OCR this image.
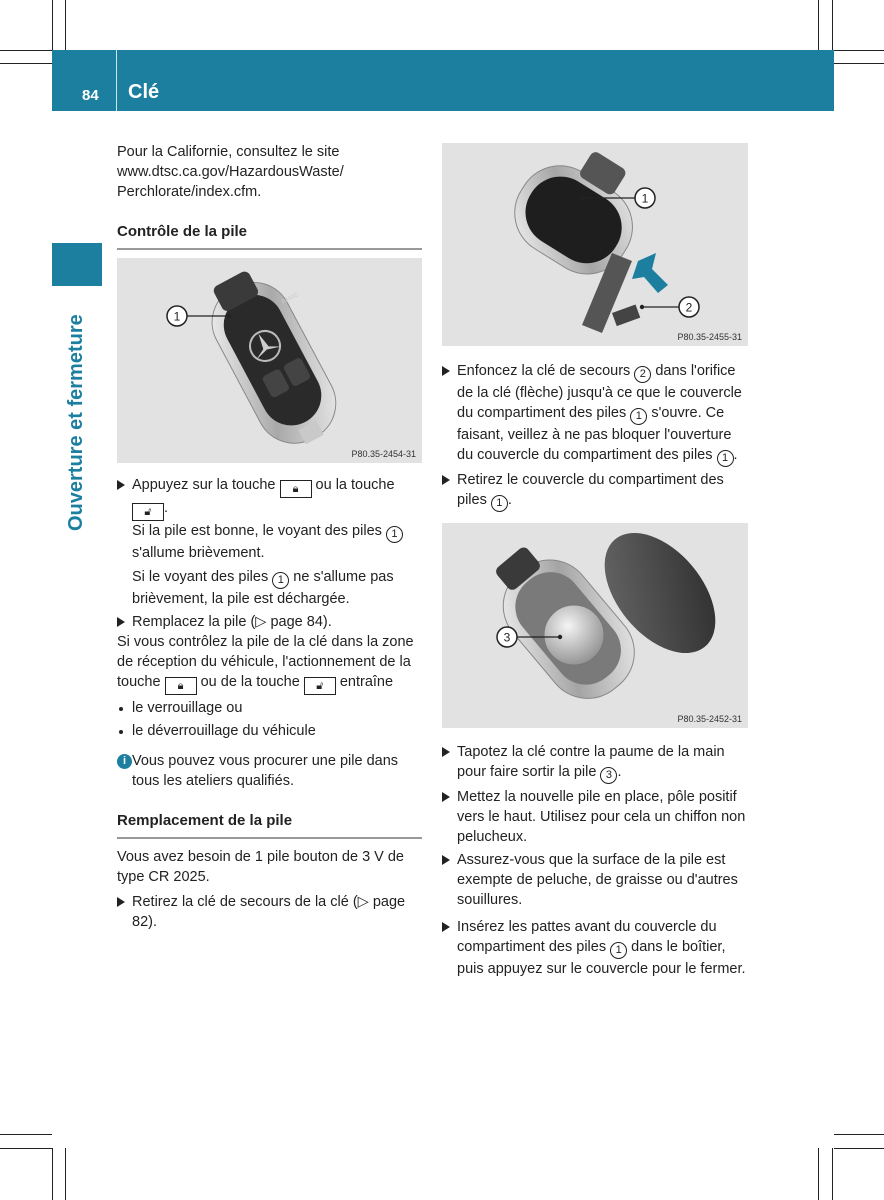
84 Clé
Ouverture et fermeture

Pour la Californie, consultez le site www.dtsc.ca.gov/HazardousWaste/ Perchlorate/index.cfm.

Contrôle de la pile
PANIC
1
P80.35-2454-31
Appuyez sur la touche 🔒︎ ou la touche 🔓︎ .

Si la pile est bonne, le voyant des piles 1 s'allume brièvement.

Si le voyant des piles 1 ne s'allume pas brièvement, la pile est déchargée.

Remplacez la pile (▷ page 84).

Si vous contrôlez la pile de la clé dans la zone de réception du véhicule, l'actionnement de la touche 🔒︎ ou de la touche 🔓︎ entraîne

le verrouillage ou
le déverrouillage du véhicule
i Vous pouvez vous procurer une pile dans tous les ateliers qualifiés.
Remplacement de la pile

Vous avez besoin de 1 pile bouton de 3 V de type CR 2025.

Retirez la clé de secours de la clé (▷ page 82).
1
2
P80.35-2455-31
Enfoncez la clé de secours 2 dans l'orifice de la clé (flèche) jusqu'à ce que le couvercle du compartiment des piles 1 s'ouvre. Ce faisant, veillez à ne pas bloquer l'ouverture du couvercle du compartiment des piles 1 .
Retirez le couvercle du compartiment des piles 1 .
3
P80.35-2452-31
Tapotez la clé contre la paume de la main pour faire sortir la pile 3 .
Mettez la nouvelle pile en place, pôle positif vers le haut. Utilisez pour cela un chiffon non pelucheux.
Assurez-vous que la surface de la pile est exempte de peluche, de graisse ou d'autres souillures.
Insérez les pattes avant du couvercle du compartiment des piles 1 dans le boîtier, puis appuyez sur le couvercle pour le fermer.
